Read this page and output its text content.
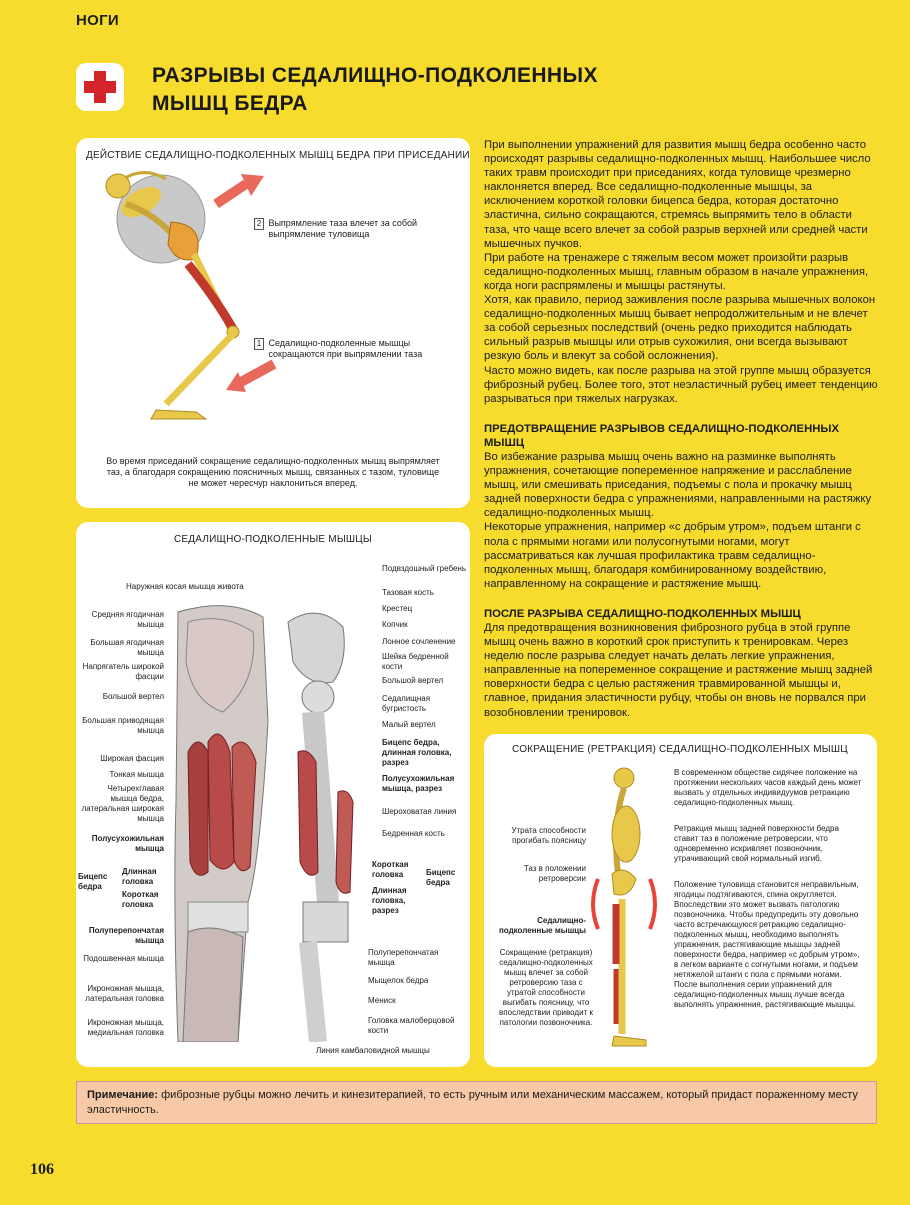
НОГИ
РАЗРЫВЫ СЕДАЛИЩНО-ПОДКОЛЕННЫХ
МЫШЦ БЕДРА
ДЕЙСТВИЕ СЕДАЛИЩНО-ПОДКОЛЕННЫХ МЫШЦ БЕДРА ПРИ ПРИСЕДАНИИ
2 Выпрямление таза влечет за собой выпрямление туловища
1 Седалищно-подколенные мышцы сокращаются при выпрямлении таза
Во время приседаний сокращение седалищно-подколенных мышц выпрямляет таз, а благодаря сокращению поясничных мышц, связанных с тазом, туловище не может чересчур наклониться вперед.
СЕДАЛИЩНО-ПОДКОЛЕННЫЕ МЫШЦЫ
Наружная косая мышца живота
Средняя ягодичная мышца
Большая ягодичная мышца
Напрягатель широкой фасции
Большой вертел
Большая приводящая мышца
Широкая фасция
Тонкая мышца
Четырехглавая мышца бедра, латеральная широкая мышца
Полусухожильная мышца
Бицепс бедра
Длинная головка
Короткая головка
Полуперепончатая мышца
Подошвенная мышца
Икроножная мышца, латеральная головка
Икроножная мышца, медиальная головка
Подвздошный гребень
Тазовая кость
Крестец
Копчик
Лонное сочленение
Шейка бедренной кости
Большой вертел
Седалищная бугристость
Малый вертел
Бицепс бедра, длинная головка, разрез
Полусухожильная мышца, разрез
Шероховатая линия
Бедренная кость
Короткая головка
Длинная головка, разрез
Бицепс бедра
Полуперепончатая мышца
Мыщелок бедра
Мениск
Головка малоберцовой кости
Линия камбаловидной мышцы

При выполнении упражнений для развития мышц бедра особенно часто происходят разрывы седалищно-подколенных мышц. Наибольшее число таких травм происходит при приседаниях, когда туловище чрезмерно наклоняется вперед. Все седалищно-подколенные мышцы, за исключением короткой головки бицепса бедра, которая достаточно эластична, сильно сокращаются, стремясь выпрямить тело в области таза, что чаще всего влечет за собой разрыв верхней или средней части мышечных пучков.

При работе на тренажере с тяжелым весом может произойти разрыв седалищно-подколенных мышц, главным образом в начале упражнения, когда ноги распрямлены и мышцы растянуты.

Хотя, как правило, период заживления после разрыва мышечных волокон седалищно-подколенных мышц бывает непродолжительным и не влечет за собой серьезных последствий (очень редко приходится наблюдать сильный разрыв мышцы или отрыв сухожилия, они всегда вызывают резкую боль и влекут за собой осложнения).

Часто можно видеть, как после разрыва на этой группе мышц образуется фиброзный рубец. Более того, этот неэластичный рубец имеет тенденцию разрываться при тяжелых нагрузках.

ПРЕДОТВРАЩЕНИЕ РАЗРЫВОВ СЕДАЛИЩНО-ПОДКОЛЕННЫХ МЫШЦ

Во избежание разрыва мышц очень важно на разминке выполнять упражнения, сочетающие попеременное напряжение и расслабление мышц, или смешивать приседания, подъемы с пола и прокачку мышц задней поверхности бедра с упражнениями, направленными на растяжку седалищно-подколенных мышц.

Некоторые упражнения, например «с добрым утром», подъем штанги с пола с прямыми ногами или полусогнутыми ногами, могут рассматриваться как лучшая профилактика травм седалищно-подколенных мышц, благодаря комбинированному воздействию, направленному на сокращение и растяжение мышц.

ПОСЛЕ РАЗРЫВА СЕДАЛИЩНО-ПОДКОЛЕННЫХ МЫШЦ

Для предотвращения возникновения фиброзного рубца в этой группе мышц очень важно в короткий срок приступить к тренировкам. Через неделю после разрыва следует начать делать легкие упражнения, направленные на попеременное сокращение и растяжение мышц задней поверхности бедра с целью растяжения травмированной мышцы и, главное, придания эластичности рубцу, чтобы он вновь не порвался при возобновлении тренировок.

СОКРАЩЕНИЕ (РЕТРАКЦИЯ) СЕДАЛИЩНО-ПОДКОЛЕННЫХ МЫШЦ
Утрата способности прогибать поясницу
Таз в положении ретроверсии
Седалищно-подколенные мышцы
Сокращение (ретракция) седалищно-подколенных мышц влечет за собой ретроверсию таза с утратой способности выгибать поясницу, что впоследствии приводит к патологии позвоночника.
В современном обществе сидячее положение на протяжении нескольких часов каждый день может вызвать у отдельных индивидуумов ретракцию седалищно-подколенных мышц.
Ретракция мышц задней поверхности бедра ставит таз в положение ретроверсии, что одновременно искривляет позвоночник, утрачивающий свой нормальный изгиб.
Положение туловища становится неправильным, ягодицы подтягиваются, спина округляется. Впоследствии это может вызвать патологию позвоночника. Чтобы предупредить эту довольно часто встречающуюся ретракцию седалищно-подколенных мышц, необходимо выполнять упражнения, растягивающие мышцы задней поверхности бедра, например «с добрым утром», в легком варианте с согнутыми ногами, и подъем нетяжелой штанги с пола с прямыми ногами. После выполнения серии упражнений для седалищно-подколенных мышц лучше всегда выполнять упражнения, растягивающие мышцы.
Примечание: фиброзные рубцы можно лечить и кинезитерапией, то есть ручным или механическим массажем, который придаст пораженному месту эластичность.
106
